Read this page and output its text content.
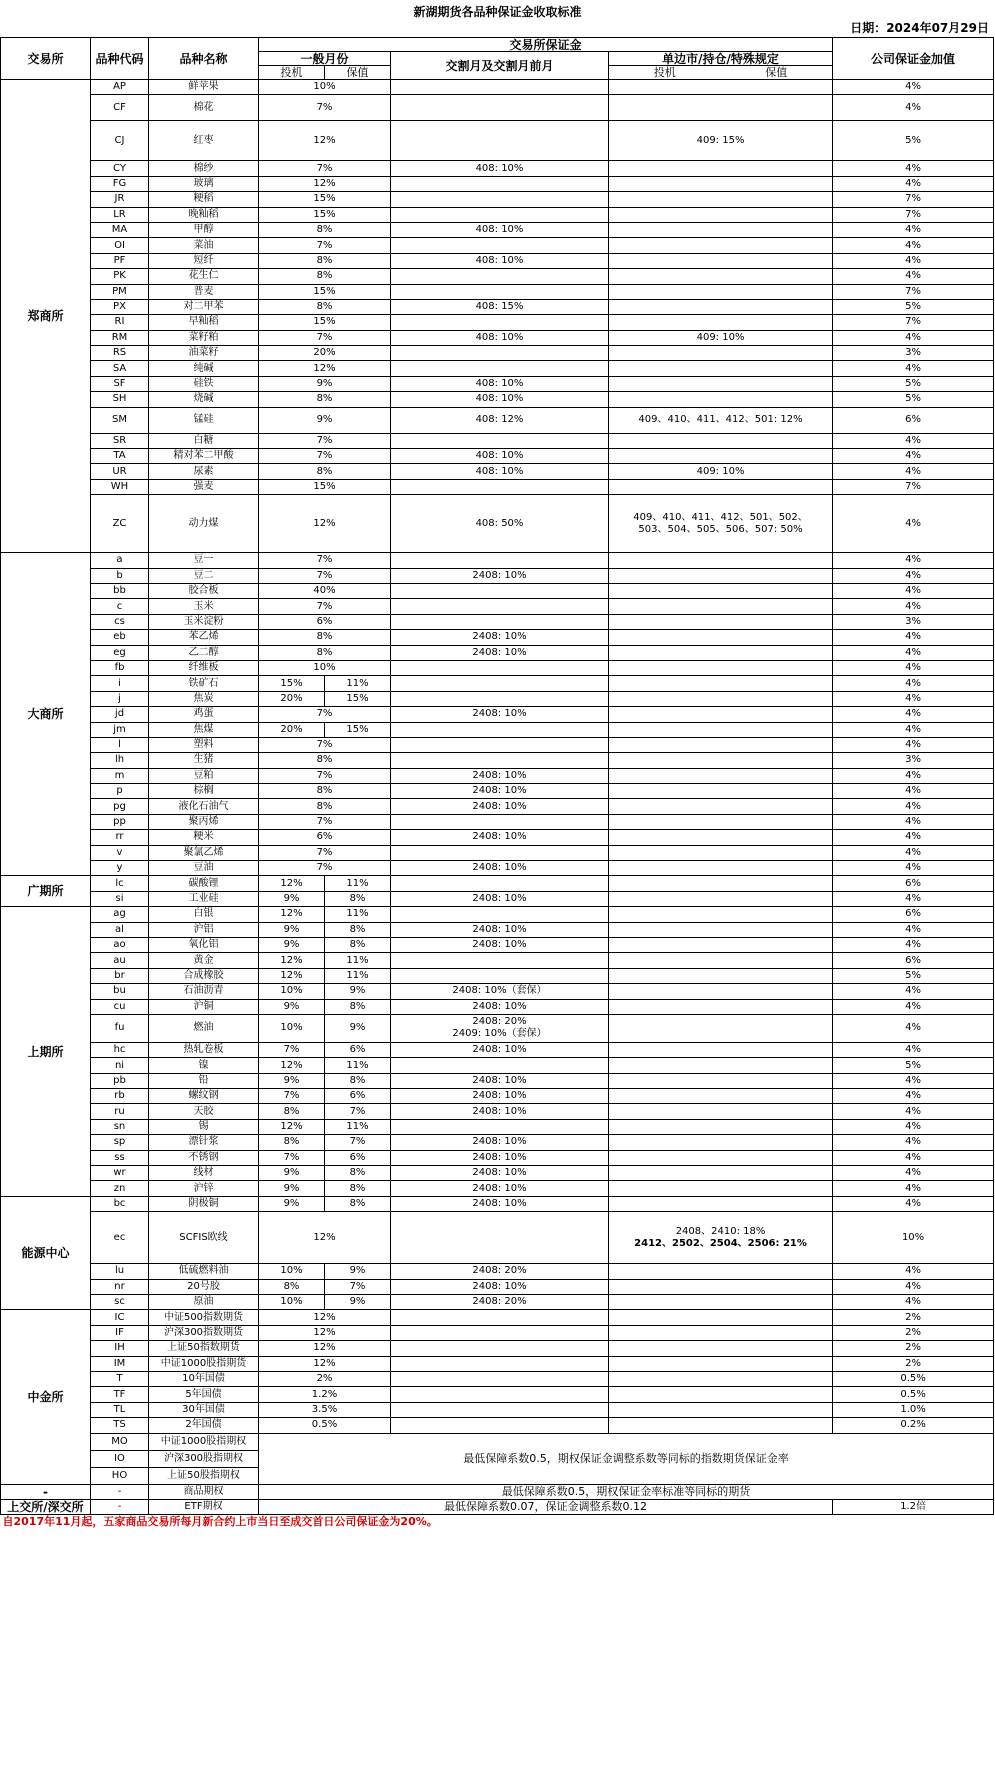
新湖期货各品种保证金收取标准
日期：2024年07月29日
交易所	品种代码	品种名称	交易所保证金					公司保证金加值
			一般月份		交割月及交割月前月	单边市/持仓/特殊规定		
			投机	保值		投机	保值	
郑商所	AP	鲜苹果	10%					4%
	CF	棉花	7%					4%
	CJ	红枣	12%			409: 15%		5%
	CY	棉纱	7%		408: 10%			4%
	FG	玻璃	12%					4%
	JR	粳稻	15%					7%
	LR	晚籼稻	15%					7%
	MA	甲醇	8%		408: 10%			4%
	OI	菜油	7%					4%
	PF	短纤	8%		408: 10%			4%
	PK	花生仁	8%					4%
	PM	普麦	15%					7%
	PX	对二甲苯	8%		408: 15%			5%
	RI	早籼稻	15%					7%
	RM	菜籽粕	7%		408: 10%	409: 10%		4%
	RS	油菜籽	20%					3%
	SA	纯碱	12%					4%
	SF	硅铁	9%		408: 10%			5%
	SH	烧碱	8%		408: 10%			5%
	SM	锰硅	9%		408: 12%	409、410、411、412、501: 12%		6%
	SR	白糖	7%					4%
	TA	精对苯二甲酸	7%		408: 10%			4%
	UR	尿素	8%		408: 10%	409: 10%		4%
	WH	强麦	15%					7%
	ZC	动力煤	12%		408: 50%	409、410、411、412、501、502、503、504、505、506、507: 50%		4%
大商所	a	豆一	7%					4%
	b	豆二	7%		2408: 10%			4%
	bb	胶合板	40%					4%
	c	玉米	7%					4%
	cs	玉米淀粉	6%					3%
	eb	苯乙烯	8%		2408: 10%			4%
	eg	乙二醇	8%		2408: 10%			4%
	fb	纤维板	10%					4%
	i	铁矿石	15%	11%				4%
	j	焦炭	20%	15%				4%
	jd	鸡蛋	7%		2408: 10%			4%
	jm	焦煤	20%	15%				4%
	l	塑料	7%					4%
	lh	生猪	8%					3%
	m	豆粕	7%		2408: 10%			4%
	p	棕榈	8%		2408: 10%			4%
	pg	液化石油气	8%		2408: 10%			4%
	pp	聚丙烯	7%					4%
	rr	粳米	6%		2408: 10%			4%
	v	聚氯乙烯	7%					4%
	y	豆油	7%		2408: 10%			4%
广期所	lc	碳酸锂	12%	11%				6%
	si	工业硅	9%	8%	2408: 10%			4%
上期所	ag	白银	12%	11%				6%
	al	沪铝	9%	8%	2408: 10%			4%
	ao	氧化铝	9%	8%	2408: 10%			4%
	au	黄金	12%	11%				6%
	br	合成橡胶	12%	11%				5%
	bu	石油沥青	10%	9%	2408: 10%（套保）			4%
	cu	沪铜	9%	8%	2408: 10%			4%
	fu	燃油	10%	9%	2408: 20%
2409: 10%（套保）			4%
	hc	热轧卷板	7%	6%	2408: 10%			4%
	ni	镍	12%	11%				5%
	pb	铅	9%	8%	2408: 10%			4%
	rb	螺纹钢	7%	6%	2408: 10%			4%
	ru	天胶	8%	7%	2408: 10%			4%
	sn	锡	12%	11%				4%
	sp	漂针浆	8%	7%	2408: 10%			4%
	ss	不锈钢	7%	6%	2408: 10%			4%
	wr	线材	9%	8%	2408: 10%			4%
	zn	沪锌	9%	8%	2408: 10%			4%
能源中心	bc	阴极铜	9%	8%	2408: 10%			4%
	ec	SCFIS欧线	12%			2408、2410: 18%
2412、2502、2504、2506: 21%		10%
	lu	低硫燃料油	10%	9%	2408: 20%			4%
	nr	20号胶	8%	7%	2408: 10%			4%
	sc	原油	10%	9%	2408: 20%			4%
中金所	IC	中证500指数期货	12%					2%
	IF	沪深300指数期货	12%					2%
	IH	上证50指数期货	12%					2%
	IM	中证1000股指期货	12%					2%
	T	10年国债	2%					0.5%
	TF	5年国债	1.2%					0.5%
	TL	30年国债	3.5%					1.0%
	TS	2年国债	0.5%					0.2%
	MO	中证1000股指期权	最低保障系数0.5，期权保证金调整系数等同标的指数期货保证金率					
	IO	沪深300股指期权						
	HO	上证50股指期权						
-	-	商品期权	最低保障系数0.5，期权保证金率标准等同标的期货					
上交所/深交所	-	ETF期权	最低保障系数0.07，保证金调整系数0.12					1.2倍
自2017年11月起，五家商品交易所每月新合约上市当日至成交首日公司保证金为20%。								
